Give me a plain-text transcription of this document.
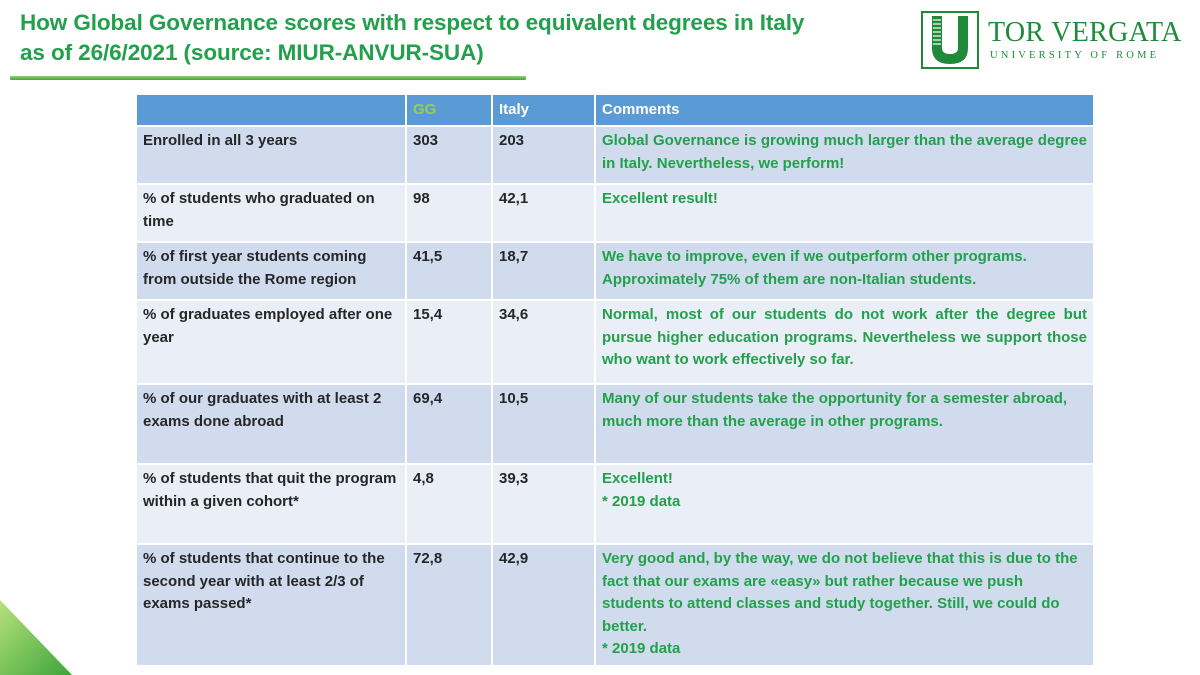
How Global Governance scores with respect to equivalent degrees in Italy
as of 26/6/2021 (source: MIUR-ANVUR-SUA)
TOR VERGATA
UNIVERSITY OF ROME
	GG	Italy	Comments
Enrolled in all 3 years	303	203	Global Governance is growing much larger than the average degree in Italy. Nevertheless, we perform!

% of students who graduated on time	98	42,1	Excellent result!

% of first year students coming from outside the Rome region	41,5	18,7	We have to improve, even if we outperform other programs. Approximately 75% of them are non-Italian students.

% of graduates employed after one year	15,4	34,6	Normal, most of our students do not work after the degree but pursue higher education programs. Nevertheless we support those who want to work effectively so far.

% of our graduates with at least 2 exams done abroad	69,4	10,5	Many of our students take the opportunity for a semester abroad, much more than the average in other programs.

% of students that quit the program within a given cohort*	4,8	39,3	Excellent!
* 2019 data

% of students that continue to the second year with at least 2/3 of exams passed*	72,8	42,9	Very good and, by the way, we do not believe that this is due to the fact that our exams are «easy» but rather because we push students to attend classes and study together. Still, we could do better.
* 2019 data
